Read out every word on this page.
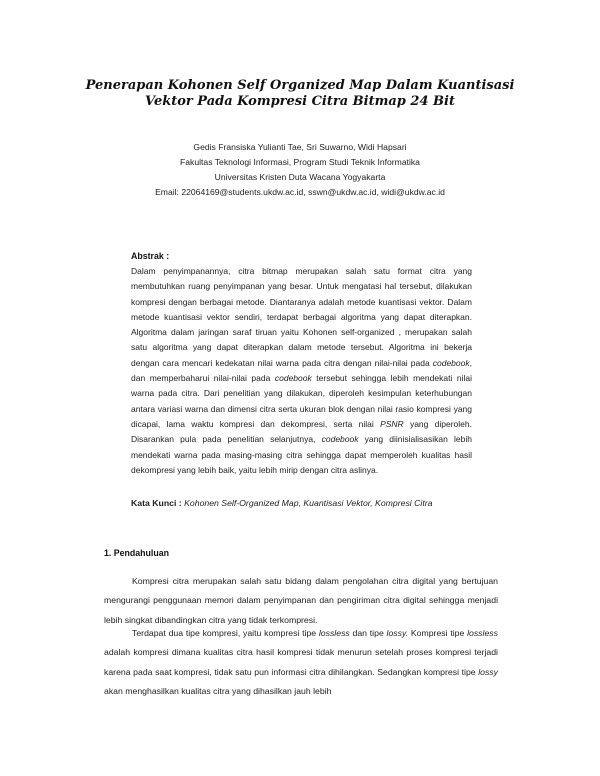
Penerapan Kohonen Self Organized Map Dalam Kuantisasi
Vektor Pada Kompresi Citra Bitmap 24 Bit
Gedis Fransiska Yulianti Tae, Sri Suwarno, Widi Hapsari
Fakultas Teknologi Informasi, Program Studi Teknik Informatika
Universitas Kristen Duta Wacana Yogyakarta
Email: 22064169@students.ukdw.ac.id, sswn@ukdw.ac.id, widi@ukdw.ac.id
Abstrak :
Dalam penyimpanannya, citra bitmap merupakan salah satu format citra yang membutuhkan ruang penyimpanan yang besar. Untuk mengatasi hal tersebut, dilakukan kompresi dengan berbagai metode. Diantaranya adalah metode kuantisasi vektor. Dalam metode kuantisasi vektor sendiri, terdapat berbagai algoritma yang dapat diterapkan. Algoritma dalam jaringan saraf tiruan yaitu Kohonen self-organized , merupakan salah satu algoritma yang dapat diterapkan dalam metode tersebut. Algoritma ini bekerja dengan cara mencari kedekatan nilai warna pada citra dengan nilai-nilai pada codebook, dan memperbaharui nilai-nilai pada codebook tersebut sehingga lebih mendekati nilai warna pada citra. Dari penelitian yang dilakukan, diperoleh kesimpulan keterhubungan antara variasi warna dan dimensi citra serta ukuran blok dengan nilai rasio kompresi yang dicapai, lama waktu kompresi dan dekompresi, serta nilai PSNR yang diperoleh. Disarankan pula pada penelitian selanjutnya, codebook yang diinisialisasikan lebih mendekati warna pada masing-masing citra sehingga dapat memperoleh kualitas hasil dekompresi yang lebih baik, yaitu lebih mirip dengan citra aslinya.
Kata Kunci : Kohonen Self-Organized Map, Kuantisasi Vektor, Kompresi Citra
1. Pendahuluan
Kompresi citra merupakan salah satu bidang dalam pengolahan citra digital yang bertujuan mengurangi penggunaan memori dalam penyimpanan dan pengiriman citra digital sehingga menjadi lebih singkat dibandingkan citra yang tidak terkompresi.
Terdapat dua tipe kompresi, yaitu kompresi tipe lossless dan tipe lossy. Kompresi tipe lossless adalah kompresi dimana kualitas citra hasil kompresi tidak menurun setelah proses kompresi terjadi karena pada saat kompresi, tidak satu pun informasi citra dihilangkan. Sedangkan kompresi tipe lossy akan menghasilkan kualitas citra yang dihasilkan jauh lebih
